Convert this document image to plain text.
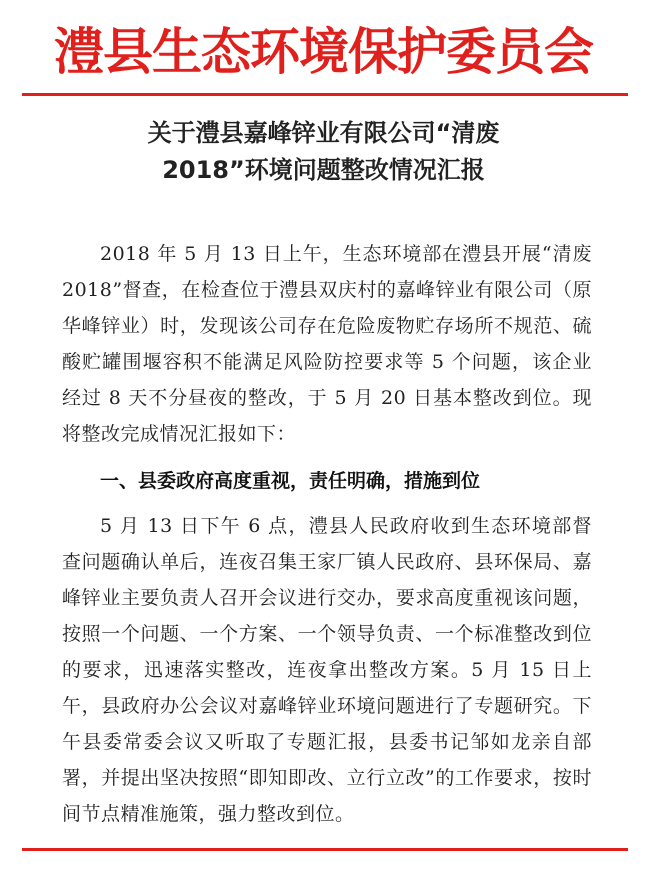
澧县生态环境保护委员会
关于澧县嘉峰锌业有限公司“清废
2018”环境问题整改情况汇报
2018 年 5 月 13 日上午，生态环境部在澧县开展“清废 2018”督查，在检查位于澧县双庆村的嘉峰锌业有限公司（原华峰锌业）时，发现该公司存在危险废物贮存场所不规范、硫酸贮罐围堰容积不能满足风险防控要求等 5 个问题，该企业经过 8 天不分昼夜的整改，于 5 月 20 日基本整改到位。现将整改完成情况汇报如下：
一、县委政府高度重视，责任明确，措施到位
5 月 13 日下午 6 点，澧县人民政府收到生态环境部督查问题确认单后，连夜召集王家厂镇人民政府、县环保局、嘉峰锌业主要负责人召开会议进行交办，要求高度重视该问题，按照一个问题、一个方案、一个领导负责、一个标准整改到位的要求，迅速落实整改，连夜拿出整改方案。5 月 15 日上午，县政府办公会议对嘉峰锌业环境问题进行了专题研究。下午县委常委会议又听取了专题汇报，县委书记邹如龙亲自部署，并提出坚决按照“即知即改、立行立改”的工作要求，按时间节点精准施策，强力整改到位。
